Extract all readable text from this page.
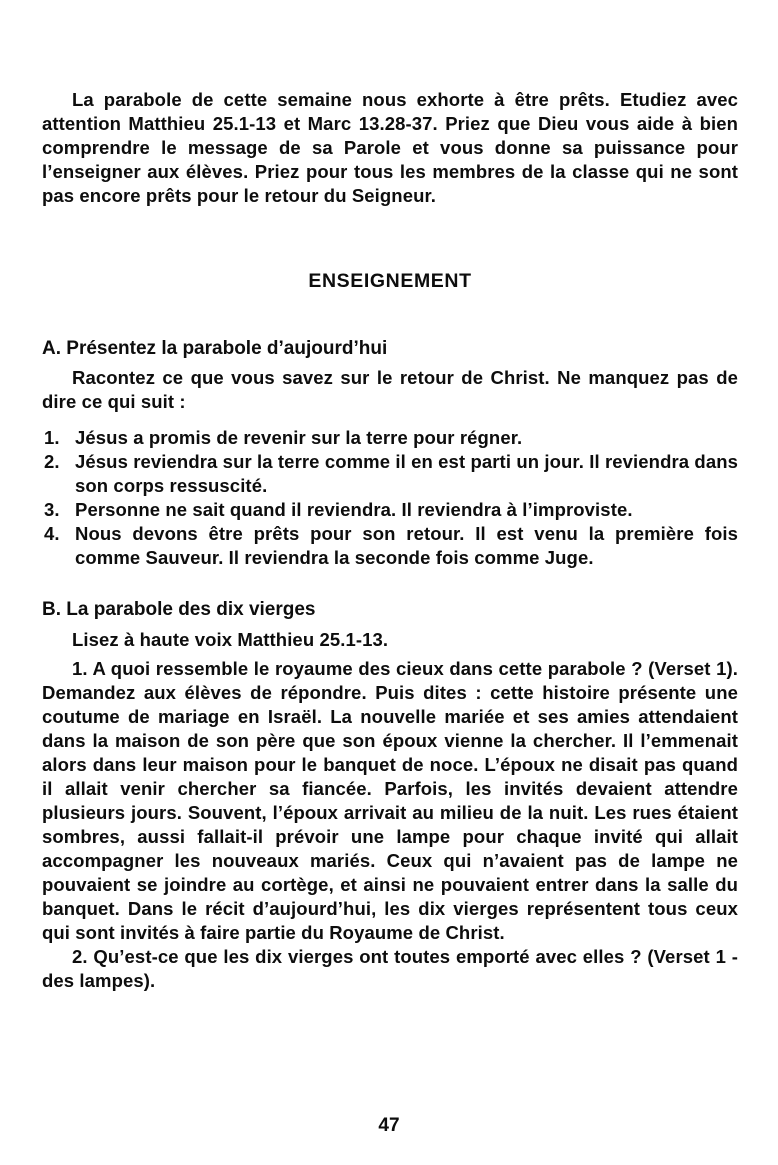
La parabole de cette semaine nous exhorte à être prêts. Etudiez avec attention Matthieu 25.1-13 et Marc 13.28-37. Priez que Dieu vous aide à bien comprendre le message de sa Parole et vous donne sa puissance pour l’enseigner aux élèves. Priez pour tous les membres de la classe qui ne sont pas encore prêts pour le retour du Seigneur.

ENSEIGNEMENT
A. Présentez la parabole d’aujourd’hui

Racontez ce que vous savez sur le retour de Christ. Ne manquez pas de dire ce qui suit :

1. Jésus a promis de revenir sur la terre pour régner.
2. Jésus reviendra sur la terre comme il en est parti un jour. Il reviendra dans son corps ressuscité.
3. Personne ne sait quand il reviendra. Il reviendra à l’improviste.
4. Nous devons être prêts pour son retour. Il est venu la première fois comme Sauveur. Il reviendra la seconde fois comme Juge.
B. La parabole des dix vierges

Lisez à haute voix Matthieu 25.1-13.

1. A quoi ressemble le royaume des cieux dans cette parabole ? (Verset 1). Demandez aux élèves de répondre. Puis dites : cette histoire présente une coutume de mariage en Israël. La nouvelle mariée et ses amies attendaient dans la maison de son père que son époux vienne la chercher. Il l’emmenait alors dans leur maison pour le banquet de noce. L’époux ne disait pas quand il allait venir chercher sa fiancée. Parfois, les invités devaient attendre plusieurs jours. Souvent, l’époux arrivait au milieu de la nuit. Les rues étaient sombres, aussi fallait-il prévoir une lampe pour chaque invité qui allait accompagner les nouveaux mariés. Ceux qui n’avaient pas de lampe ne pouvaient se joindre au cortège, et ainsi ne pouvaient entrer dans la salle du banquet. Dans le récit d’aujourd’hui, les dix vierges représentent tous ceux qui sont invités à faire partie du Royaume de Christ.

2. Qu’est-ce que les dix vierges ont toutes emporté avec elles ? (Verset 1 - des lampes).

47
